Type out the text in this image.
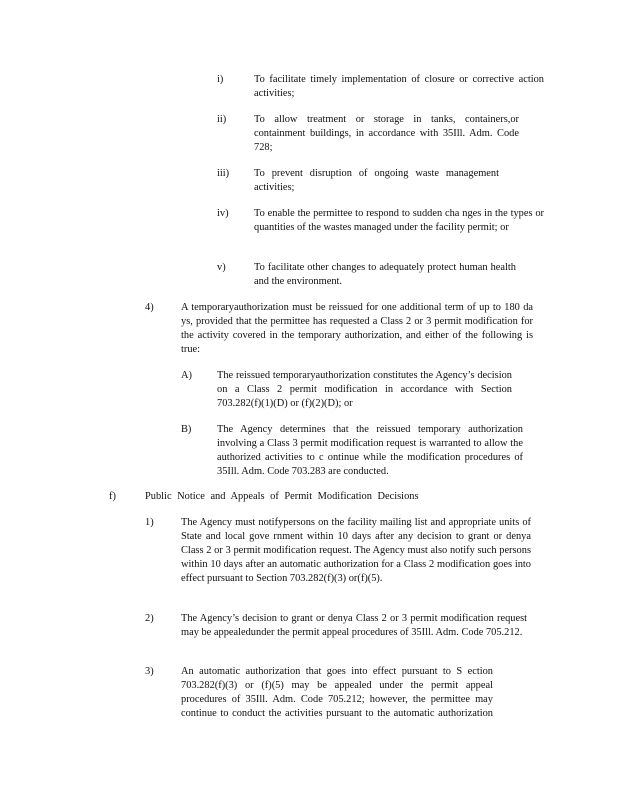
i)	To facilitate timely implementation of closure or corrective action activities;
ii)	To allow treatment or storage in tanks, containers,or containment buildings, in accordance with 35Ill. Adm. Code 728;
iii) To prevent disruption of ongoing waste management activities;
iv) To enable the permittee to respond to sudden cha nges in the types or quantities of the wastes managed under the facility permit; or
v)	To facilitate other changes to adequately protect human health and the environment.
4)	A temporaryauthorization must be reissued for one additional term of up to 180 da ys, provided that the permittee has requested a Class 2 or 3 permit modification for the activity covered in the temporary authorization, and either of the following is true:
A) The reissued temporaryauthorization constitutes the Agency’s decision on a Class 2 permit modification in accordance with Section 703.282(f)(1)(D) or (f)(2)(D); or
B) The Agency determines that the reissued temporary authorization involving a Class 3 permit modification request is warranted to allow the authorized activities to c ontinue while the modification procedures of 35Ill. Adm. Code 703.283 are conducted.
f)	Public Notice and Appeals of Permit Modification Decisions
1)	The Agency must notifypersons on the facility mailing list and appropriate units of State and local gove rnment within 10 days after any decision to grant or denya Class 2 or 3 permit modification request. The Agency must also notify such persons within 10 days after an automatic authorization for a Class 2 modification goes into effect pursuant to Section 703.282(f)(3) or(f)(5).
2)	The Agency’s decision to grant or denya Class 2 or 3 permit modification request may be appealedunder the permit appeal procedures of 35Ill. Adm. Code 705.212.
3)	An automatic authorization that goes into effect pursuant to S ection 703.282(f)(3) or (f)(5) may be appealed under the permit appeal procedures of 35Ill. Adm. Code 705.212; however, the permittee may continue to conduct the activities pursuant to the automatic authorization
